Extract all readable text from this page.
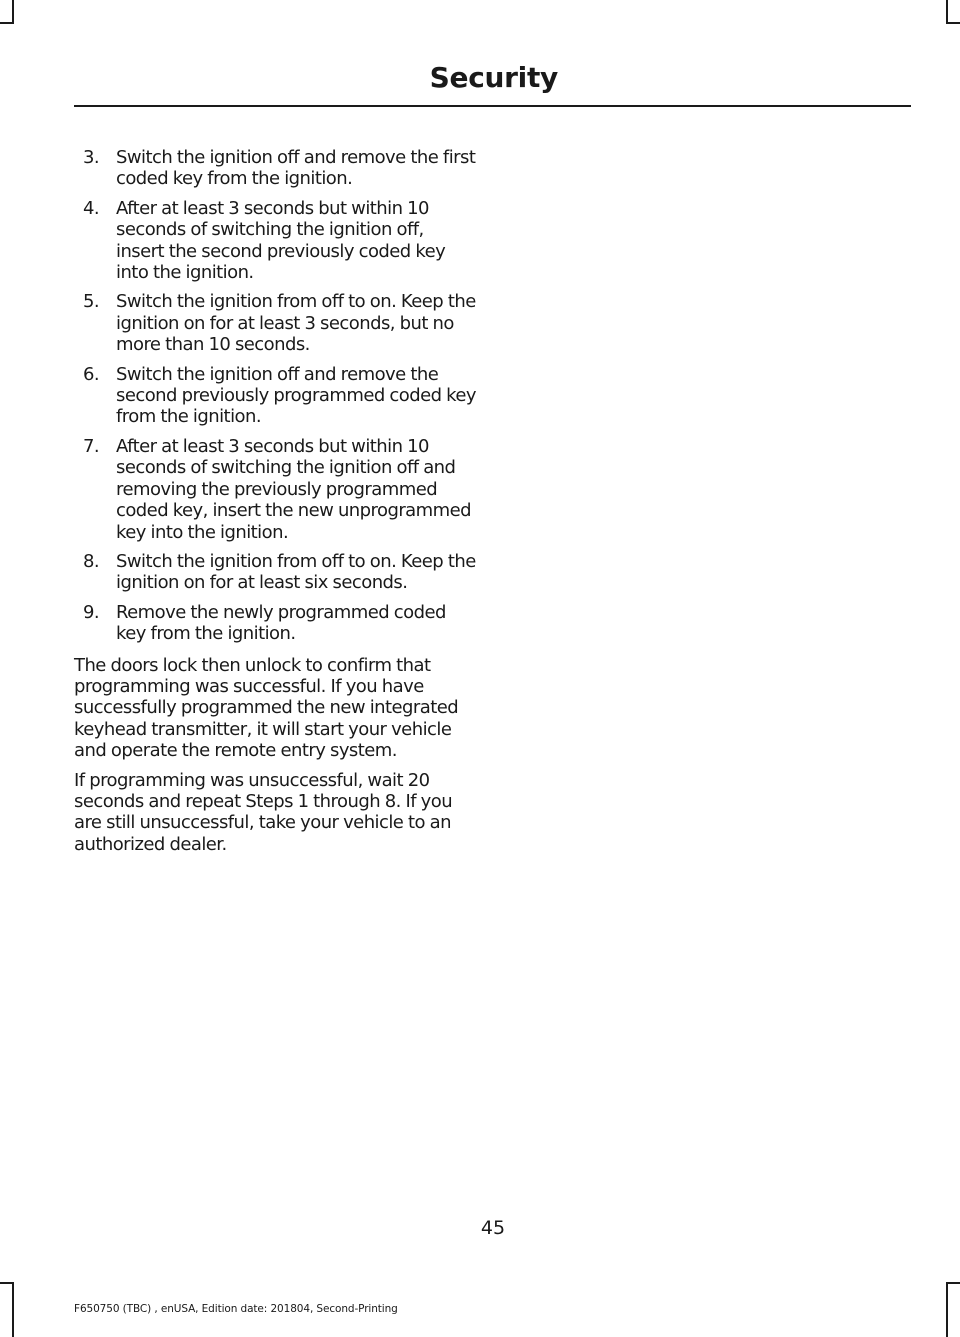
Security
3. Switch the ignition off and remove the first coded key from the ignition.
4. After at least 3 seconds but within 10 seconds of switching the ignition off, insert the second previously coded key into the ignition.
5. Switch the ignition from off to on. Keep the ignition on for at least 3 seconds, but no more than 10 seconds.
6. Switch the ignition off and remove the second previously programmed coded key from the ignition.
7. After at least 3 seconds but within 10 seconds of switching the ignition off and removing the previously programmed coded key, insert the new unprogrammed key into the ignition.
8. Switch the ignition from off to on. Keep the ignition on for at least six seconds.
9. Remove the newly programmed coded key from the ignition.

The doors lock then unlock to confirm that programming was successful. If you have successfully programmed the new integrated keyhead transmitter, it will start your vehicle and operate the remote entry system.

If programming was unsuccessful, wait 20 seconds and repeat Steps 1 through 8. If you are still unsuccessful, take your vehicle to an authorized dealer.

45
F650750 (TBC) , enUSA, Edition date: 201804, Second-Printing
